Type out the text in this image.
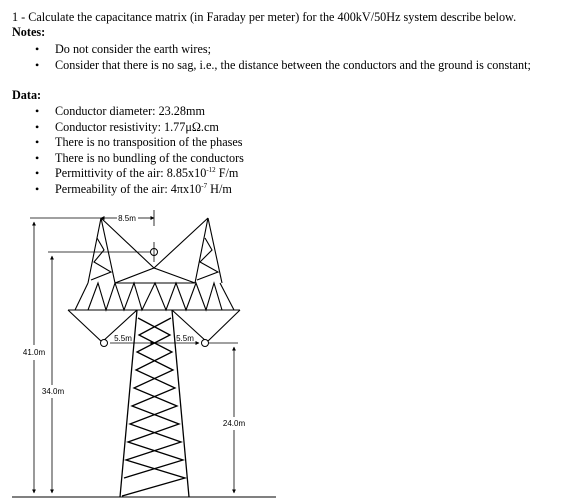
1 - Calculate the capacitance matrix (in Faraday per meter) for the 400kV/50Hz system describe below.
Notes:
• Do not consider the earth wires;
• Consider that there is no sag, i.e., the distance between the conductors and the ground is constant;
Data:
• Conductor diameter: 23.28mm
• Conductor resistivity: 1.77μΩ.cm
• There is no transposition of the phases
• There is no bundling of the conductors
• Permittivity of the air: $8.85x10^{-12}$ F/m
• Permeability of the air: $4\pi x10^{-7}$ H/m
8.5m
5.5m	5.5m
41.0m
34.0m
24.0m
